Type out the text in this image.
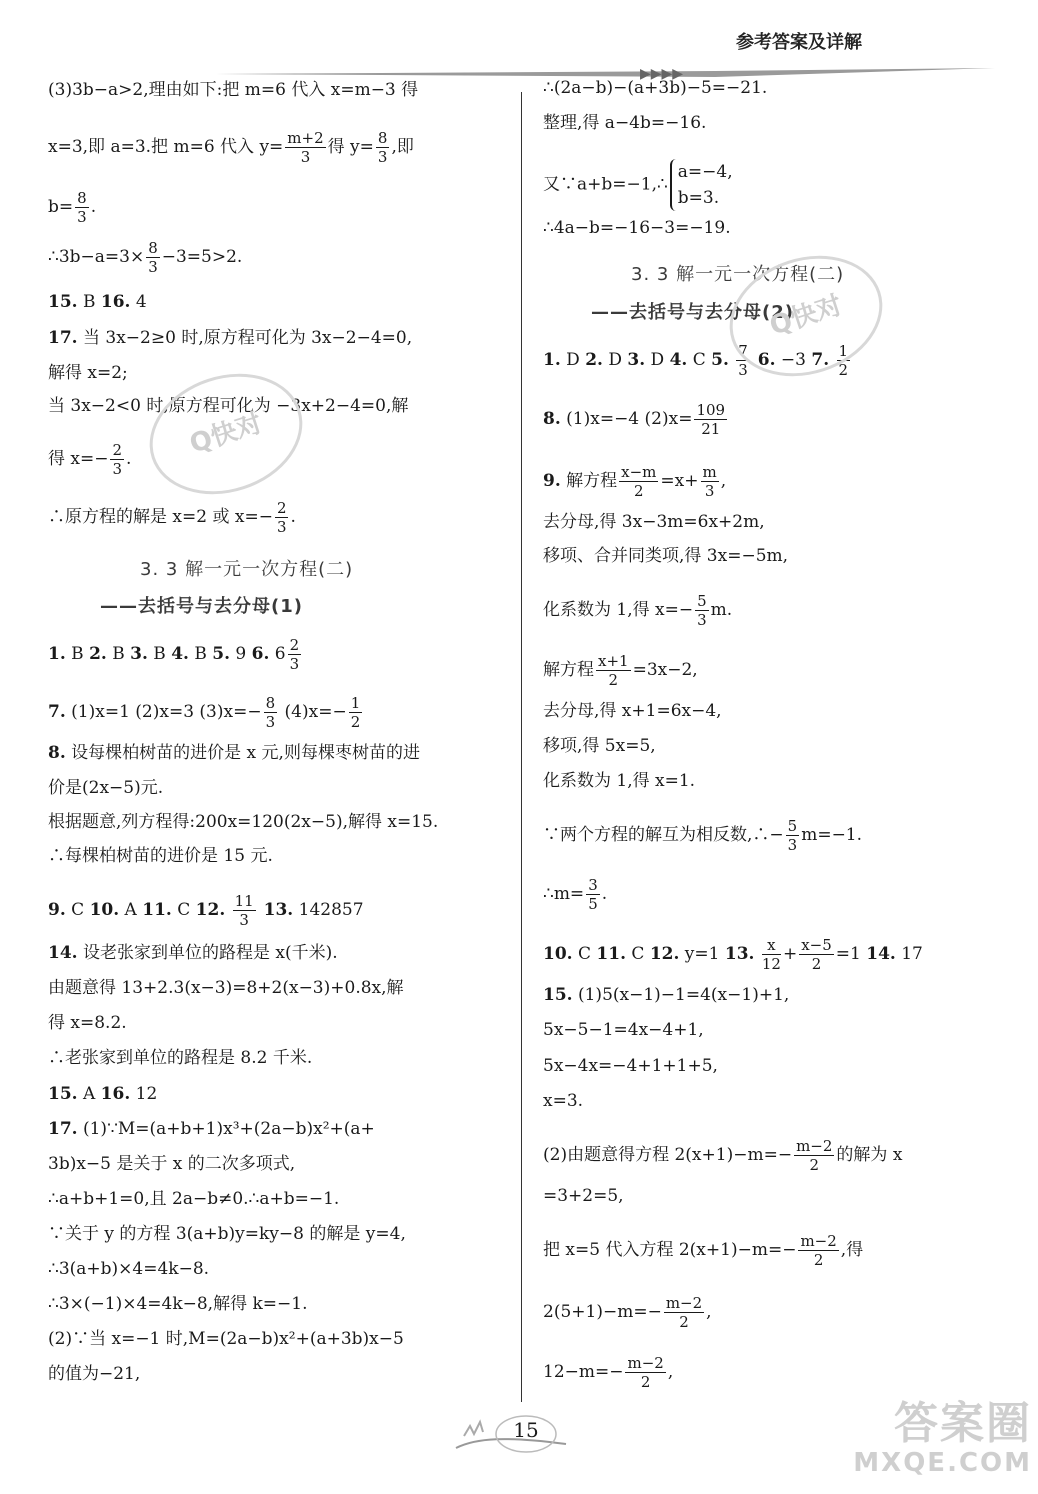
参考答案及详解
▶▶▶▶
(3)3b−a>2,理由如下:把 m=6 代入 x=m−3 得
x=3,即 a=3.把 m=6 代入 $y= \frac{m+2}{3}$ 得 $y= \frac{8}{3}$ ,即
$b= \frac{8}{3}$ .
∴3b−a=3× $\frac{8}{3} -3=5>2$.
15. B 16. 4
17. 当 3x−2≥0 时,原方程可化为 3x−2−4=0,
解得 x=2;
当 3x−2<0 时,原方程可化为 −3x+2−4=0,解
得 $x=- \frac{2}{3}$ .
∴原方程的解是 x=2 或 $x=- \frac{2}{3}$ .
3. 3 解一元一次方程(二)
——去括号与去分母(1)
1. B 2. B 3. B 4. B 5. 9 6. $6 \frac{2}{3}$
7. (1)x=1 (2)x=3 $(3)x=- \frac{8}{3} (4)x=- \frac{1}{2}$
8. 设每棵柏树苗的进价是 x 元,则每棵枣树苗的进
价是(2x−5)元.
根据题意,列方程得:200x=120(2x−5),解得 x=15.
∴每棵柏树苗的进价是 15 元.
9. C 10. A 11. C 12. $\frac{11}{3} 13$. 142857
14. 设老张家到单位的路程是 x(千米).
由题意得 13+2.3(x−3)=8+2(x−3)+0.8x,解
得 x=8.2.
∴老张家到单位的路程是 8.2 千米.
15. A 16. 12
17. (1)∵M=(a+b+1)x³+(2a−b)x²+(a+
3b)x−5 是关于 x 的二次多项式,
∴a+b+1=0,且 2a−b≠0.∴a+b=−1.
∵关于 y 的方程 3(a+b)y=ky−8 的解是 y=4,
∴3(a+b)×4=4k−8.
∴3×(−1)×4=4k−8,解得 k=−1.
(2)∵当 x=−1 时,M=(2a−b)x²+(a+3b)x−5
的值为−21,
∴(2a−b)−(a+3b)−5=−21.
整理,得 a−4b=−16.
又∵a+b=−1,∴
a=−4,
b=3.
∴4a−b=−16−3=−19.
3. 3 解一元一次方程(二)
——去括号与去分母(2)
1. D 2. D 3. D 4. C 5. $\frac{7}{3} 6$. −3 7. $\frac{1}{2}$
8. (1)x=−4 $(2)x= \frac{109}{21}$
9. 解方程 $\frac{x-m}{2} =x+ \frac{m}{3}$ ,
去分母,得 3x−3m=6x+2m,
移项、合并同类项,得 3x=−5m,
化系数为 1,得 $x=- \frac{5}{3} m$.
解方程 $\frac{x+1}{2} =3x-2$,
去分母,得 x+1=6x−4,
移项,得 5x=5,
化系数为 1,得 x=1.
∵两个方程的解互为相反数,∴− $\frac{5}{3} m=-1$.
∴m= $\frac{3}{5}$ .
10. C 11. C 12. y=1 13. $\frac{x}{12} + \frac{x-5}{2} =1$ 14. 17
15. (1)5(x−1)−1=4(x−1)+1,
5x−5−1=4x−4+1,
5x−4x=−4+1+1+5,
x=3.
(2)由题意得方程 $2(x+1)-m=- \frac{m-2}{2}$ 的解为 x
=3+2=5,
把 x=5 代入方程 $2(x+1)-m=- \frac{m-2}{2}$ ,得
$2(5+1)-m=- \frac{m-2}{2}$ ,
$12-m=- \frac{m-2}{2}$ ,
Q快对
Q快对
15	答案圈
MXQE.COM
